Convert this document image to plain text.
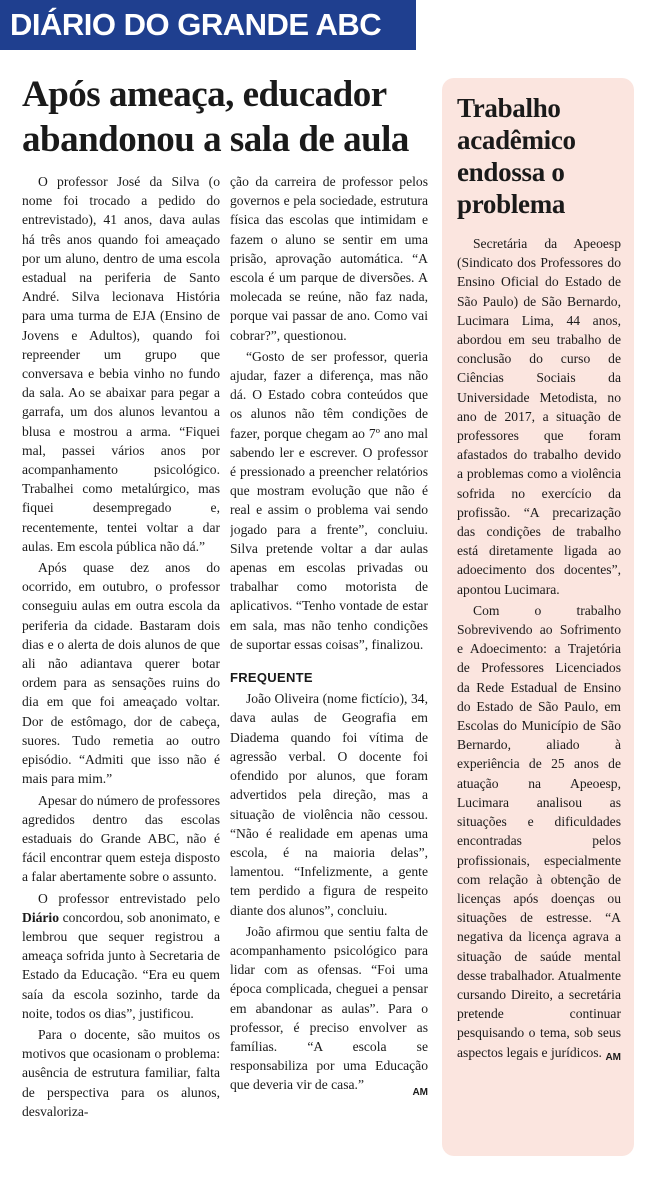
DIÁRIO DO GRANDE ABC
Após ameaça, educador abandonou a sala de aula

O professor José da Silva (o nome foi trocado a pedido do entrevistado), 41 anos, dava aulas há três anos quando foi ameaçado por um aluno, dentro de uma escola estadual na periferia de Santo André. Silva lecionava História para uma turma de EJA (Ensino de Jovens e Adultos), quando foi repreender um grupo que conversava e bebia vinho no fundo da sala. Ao se abaixar para pegar a garrafa, um dos alunos levantou a blusa e mostrou a arma. “Fiquei mal, passei vários anos por acompanhamento psicológico. Trabalhei como metalúrgico, mas fiquei desempregado e, recentemente, tentei voltar a dar aulas. Em escola pública não dá.”

Após quase dez anos do ocorrido, em outubro, o professor conseguiu aulas em outra escola da periferia da cidade. Bastaram dois dias e o alerta de dois alunos de que ali não adiantava querer botar ordem para as sensações ruins do dia em que foi ameaçado voltar. Dor de estômago, dor de cabeça, suores. Tudo remetia ao outro episódio. “Admiti que isso não é mais para mim.”

Apesar do número de professores agredidos dentro das escolas estaduais do Grande ABC, não é fácil encontrar quem esteja disposto a falar abertamente sobre o assunto.

O professor entrevistado pelo Diário concordou, sob anonimato, e lembrou que sequer registrou a ameaça sofrida junto à Secretaria de Estado da Educação. “Era eu quem saía da escola sozinho, tarde da noite, todos os dias”, justificou.

Para o docente, são muitos os motivos que ocasionam o problema: ausência de estrutura familiar, falta de perspectiva para os alunos, desvaloriza-

ção da carreira de professor pelos governos e pela sociedade, estrutura física das escolas que intimidam e fazem o aluno se sentir em uma prisão, aprovação automática. “A escola é um parque de diversões. A molecada se reúne, não faz nada, porque vai passar de ano. Como vai cobrar?”, questionou.

“Gosto de ser professor, queria ajudar, fazer a diferença, mas não dá. O Estado cobra conteúdos que os alunos não têm condições de fazer, porque chegam ao 7º ano mal sabendo ler e escrever. O professor é pressionado a preencher relatórios que mostram evolução que não é real e assim o problema vai sendo jogado para a frente”, concluiu. Silva pretende voltar a dar aulas apenas em escolas privadas ou trabalhar como motorista de aplicativos. “Tenho vontade de estar em sala, mas não tenho condições de suportar essas coisas”, finalizou.

FREQUENTE

João Oliveira (nome fictício), 34, dava aulas de Geografia em Diadema quando foi vítima de agressão verbal. O docente foi ofendido por alunos, que foram advertidos pela direção, mas a situação de violência não cessou. “Não é realidade em apenas uma escola, é na maioria delas”, lamentou. “Infelizmente, a gente tem perdido a figura de respeito diante dos alunos”, concluiu.

João afirmou que sentiu falta de acompanhamento psicológico para lidar com as ofensas. “Foi uma época complicada, cheguei a pensar em abandonar as aulas”. Para o professor, é preciso envolver as famílias. “A escola se responsabiliza por uma Educação que deveria vir de casa.”	AM

Trabalho acadêmico endossa o problema

Secretária da Apeoesp (Sindicato dos Professores do Ensino Oficial do Estado de São Paulo) de São Bernardo, Lucimara Lima, 44 anos, abordou em seu trabalho de conclusão do curso de Ciências Sociais da Universidade Metodista, no ano de 2017, a situação de professores que foram afastados do trabalho devido a problemas como a violência sofrida no exercício da profissão. “A precarização das condições de trabalho está diretamente ligada ao adoecimento dos docentes”, apontou Lucimara.

Com o trabalho Sobrevivendo ao Sofrimento e Adoecimento: a Trajetória de Professores Licenciados da Rede Estadual de Ensino do Estado de São Paulo, em Escolas do Município de São Bernardo, aliado à experiência de 25 anos de atuação na Apeoesp, Lucimara analisou as situações e dificuldades encontradas pelos profissionais, especialmente com relação à obtenção de licenças após doenças ou situações de estresse. “A negativa da licença agrava a situação de saúde mental desse trabalhador. Atualmente cursando Direito, a secretária pretende continuar pesquisando o tema, sob seus aspectos legais e jurídicos. AM
